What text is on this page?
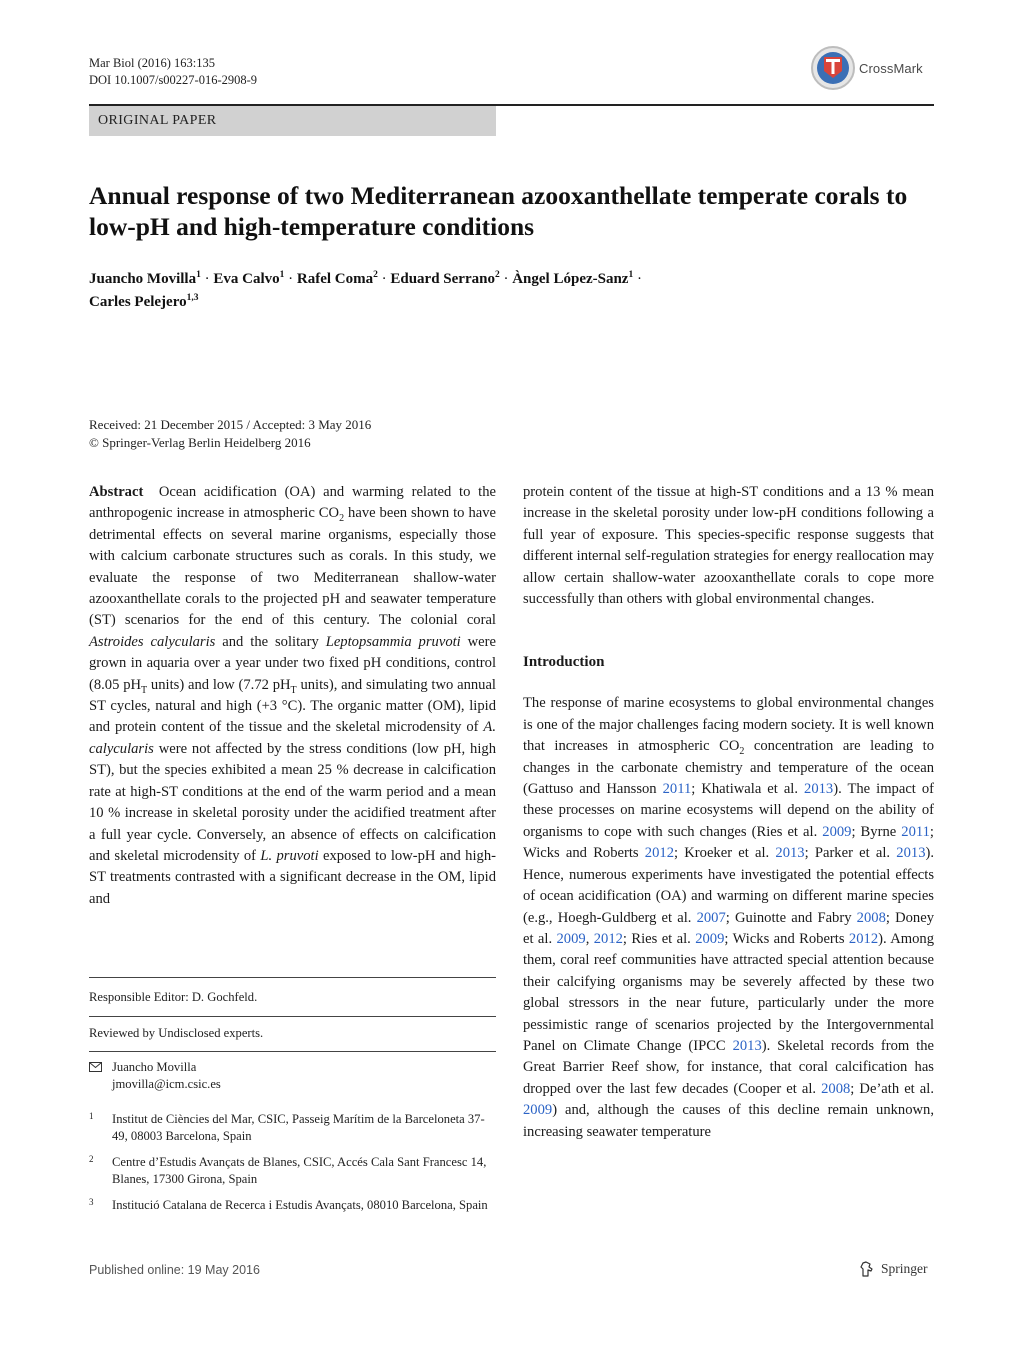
Mar Biol (2016) 163:135
DOI 10.1007/s00227-016-2908-9
CrossMark
ORIGINAL PAPER
Annual response of two Mediterranean azooxanthellate temperate corals to low-pH and high-temperature conditions
Juancho Movilla$^1$ · Eva Calvo$^1$ · Rafel Coma$^2$ · Eduard Serrano$^2$ · Àngel López-Sanz$^1$ ·
Carles Pelejero$^{1,3}$
Received: 21 December 2015 / Accepted: 3 May 2016
© Springer-Verlag Berlin Heidelberg 2016

Abstract Ocean acidification (OA) and warming related to the anthropogenic increase in atmospheric $CO_2$ have been shown to have detrimental effects on several marine organisms, especially those with calcium carbonate structures such as corals. In this study, we evaluate the response of two Mediterranean shallow-water azooxanthellate corals to the projected pH and seawater temperature (ST) scenarios for the end of this century. The colonial coral Astroides calycularis and the solitary Leptopsammia pruvoti were grown in aquaria over a year under two fixed pH conditions, control (8.05 $pH_T$ units) and low (7.72 $pH_T$ units), and simulating two annual ST cycles, natural and high (+3 °C). The organic matter (OM), lipid and protein content of the tissue and the skeletal microdensity of A. calycularis were not affected by the stress conditions (low pH, high ST), but the species exhibited a mean 25 % decrease in calcification rate at high-ST conditions at the end of the warm period and a mean 10 % increase in skeletal porosity under the acidified treatment after a full year cycle. Conversely, an absence of effects on calcification and skeletal microdensity of L. pruvoti exposed to low-pH and high-ST treatments contrasted with a significant decrease in the OM, lipid and

Responsible Editor: D. Gochfeld.
Reviewed by Undisclosed experts.
Juancho Movilla
jmovilla@icm.csic.es
1 Institut de Ciències del Mar, CSIC, Passeig Marítim de la Barceloneta 37-49, 08003 Barcelona, Spain
2 Centre d’Estudis Avançats de Blanes, CSIC, Accés Cala Sant Francesc 14, Blanes, 17300 Girona, Spain
3 Institució Catalana de Recerca i Estudis Avançats, 08010 Barcelona, Spain

protein content of the tissue at high-ST conditions and a 13 % mean increase in the skeletal porosity under low-pH conditions following a full year of exposure. This species-specific response suggests that different internal self-regulation strategies for energy reallocation may allow certain shallow-water azooxanthellate corals to cope more successfully than others with global environmental changes.

Introduction

The response of marine ecosystems to global environmental changes is one of the major challenges facing modern society. It is well known that increases in atmospheric $CO_2$ concentration are leading to changes in the carbonate chemistry and temperature of the ocean (Gattuso and Hansson 2011; Khatiwala et al. 2013). The impact of these processes on marine ecosystems will depend on the ability of organisms to cope with such changes (Ries et al. 2009; Byrne 2011; Wicks and Roberts 2012; Kroeker et al. 2013; Parker et al. 2013). Hence, numerous experiments have investigated the potential effects of ocean acidification (OA) and warming on different marine species (e.g., Hoegh-Guldberg et al. 2007; Guinotte and Fabry 2008; Doney et al. 2009, 2012; Ries et al. 2009; Wicks and Roberts 2012). Among them, coral reef communities have attracted special attention because their calcifying organisms may be severely affected by these two global stressors in the near future, particularly under the more pessimistic range of scenarios projected by the Intergovernmental Panel on Climate Change (IPCC 2013). Skeletal records from the Great Barrier Reef show, for instance, that coral calcification has dropped over the last few decades (Cooper et al. 2008; De’ath et al. 2009) and, although the causes of this decline remain unknown, increasing seawater temperature

Published online: 19 May 2016	Springer
